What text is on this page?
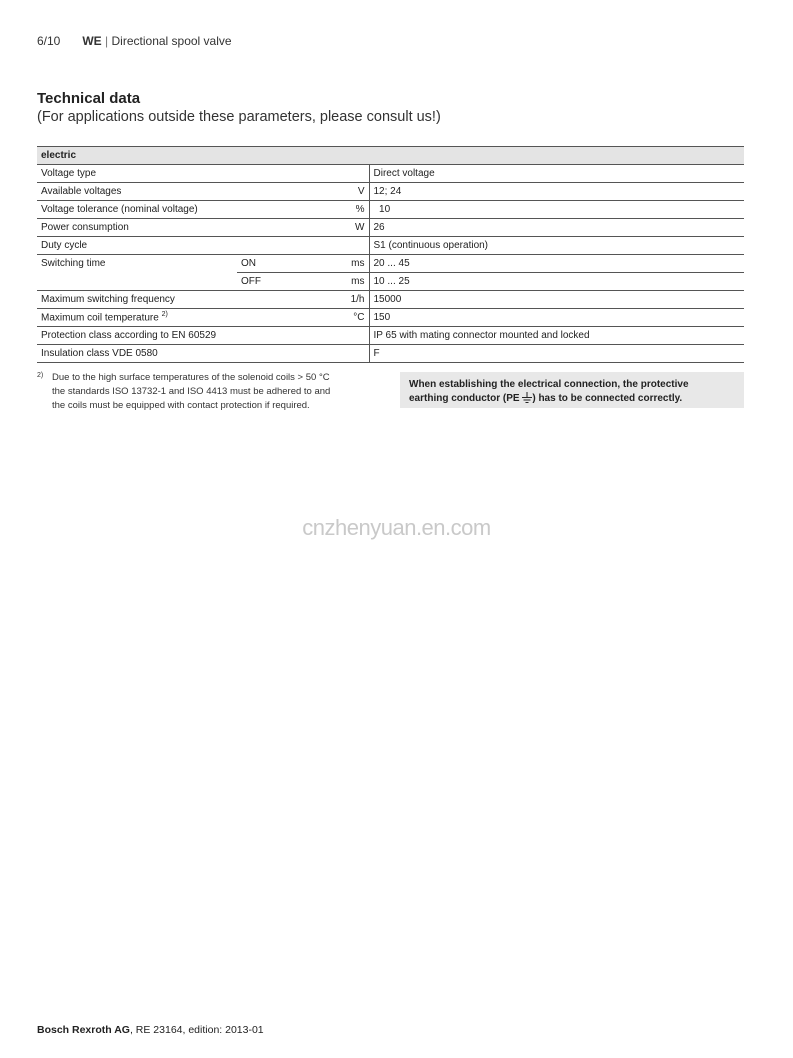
6/10 WE | Directional spool valve
Technical data
(For applications outside these parameters, please consult us!)
electric			
Voltage type			Direct voltage
Available voltages		V	12; 24
Voltage tolerance (nominal voltage)		%	10
Power consumption		W	26
Duty cycle			S1 (continuous operation)
Switching time	ON	ms	20 ... 45
	OFF	ms	10 ... 25
Maximum switching frequency		1/h	15000
Maximum coil temperature $^{2)}$		°C	150
Protection class according to EN 60529			IP 65 with mating connector mounted and locked
Insulation class VDE 0580			F
2) Due to the high surface temperatures of the solenoid coils > 50 °C
the standards ISO 13732-1 and ISO 4413 must be adhered to and
the coils must be equipped with contact protection if required.
When establishing the electrical connection, the protective
earthing conductor (PE ) has to be connected correctly.
cnzhenyuan.en.com
Bosch Rexroth AG, RE 23164, edition: 2013-01
